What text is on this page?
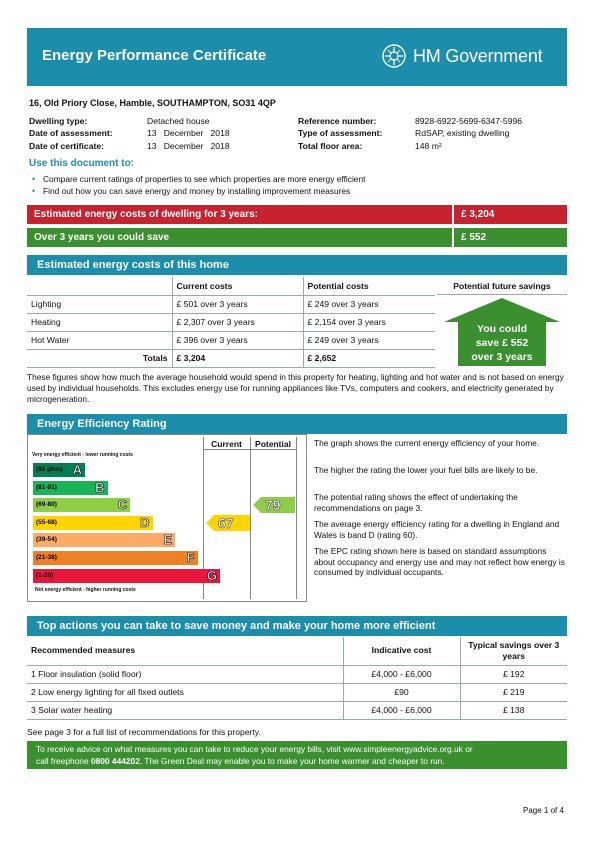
Energy Performance Certificate	HM Government
16, Old Priory Close, Hamble, SOUTHAMPTON, SO31 4QP
Dwelling type:	Detached house
Date of assessment:	13   December   2018
Date of certificate:	13   December   2018
Reference number:	8928-6922-5699-6347-5996
Type of assessment:	RdSAP, existing dwelling
Total floor area:	148 m²
Use this document to:
• Compare current ratings of properties to see which properties are more energy efficient
• Find out how you can save energy and money by installing improvement measures
Estimated energy costs of dwelling for 3 years:	£ 3,204
Over 3 years you could save	£ 552
Estimated energy costs of this home
	Current costs	Potential costs
Lighting	£ 501 over 3 years	£ 249 over 3 years
Heating	£ 2,307 over 3 years	£ 2,154 over 3 years
Hot Water	£ 396 over 3 years	£ 249 over 3 years
Totals	£ 3,204	£ 2,652
Potential future savings
You could
save £ 552
over 3 years
These figures show how much the average household would spend in this property for heating, lighting and hot water and is not based on energy used by individual households. This excludes energy use for running appliances like TVs, computers and cookers, and electricity generated by microgeneration.
Energy Efficiency Rating
Current	Potential
Very energy efficient - lower running costs
Not energy efficient - higher running costs
(92 plus) A
(81-91)	B
(69-80)	C
(55-68)	D
(39-54)	E
(21-38)	F
(1-20)	G
67
79
The graph shows the current energy efficiency of your home.
The higher the rating the lower your fuel bills are likely to be.
The potential rating shows the effect of undertaking the recommendations on page 3.
The average energy efficiency rating for a dwelling in England and Wales is band D (rating 60).
The EPC rating shown here is based on standard assumptions about occupancy and energy use and may not reflect how energy is consumed by individual occupants.
Top actions you can take to save money and make your home more efficient
Recommended measures	Indicative cost	Typical savings over 3 years
1 Floor insulation (solid floor)	£4,000 - £6,000	£ 192
2 Low energy lighting for all fixed outlets	£90	£ 219
3 Solar water heating	£4,000 - £6,000	£ 138
See page 3 for a full list of recommendations for this property.
To receive advice on what measures you can take to reduce your energy bills, visit www.simpleenergyadvice.org.uk or
call freephone 0800 444202. The Green Deal may enable you to make your home warmer and cheaper to run.
Page 1 of 4
